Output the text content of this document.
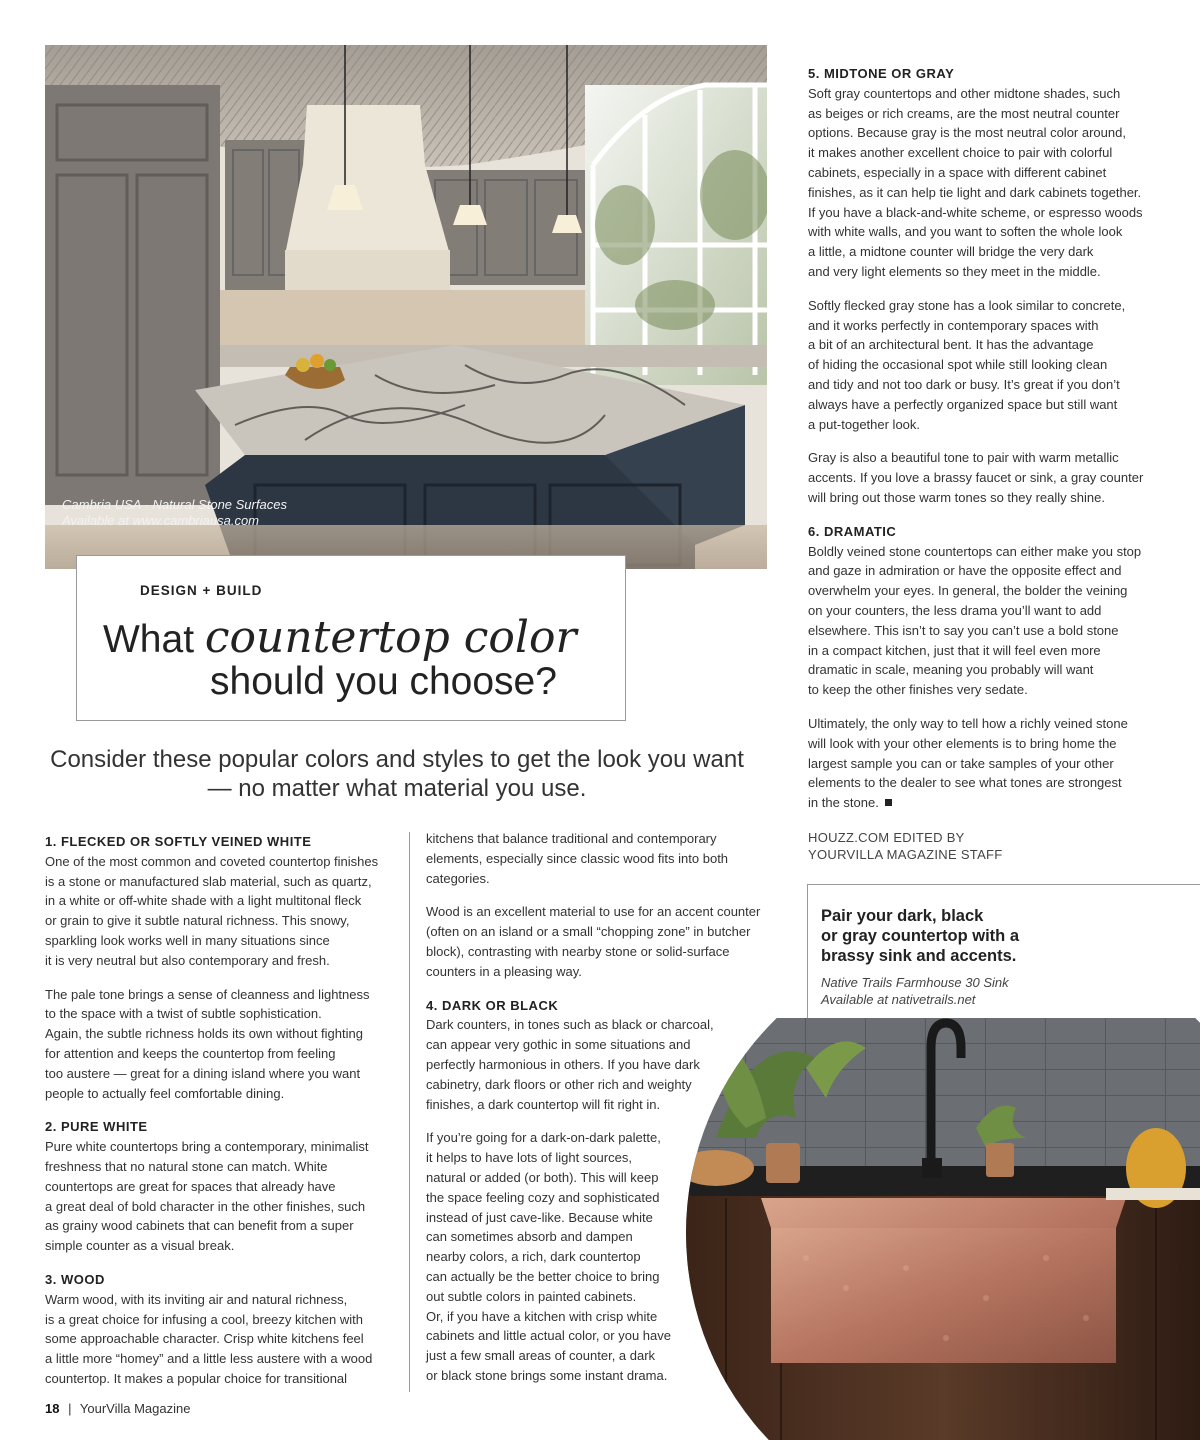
Cambria USA - Natural Stone Surfaces
Available at www.cambriausa.com
DESIGN + BUILD
What countertop color
should you choose?
Consider these popular colors and styles to get the look you want — no matter what material you use.
1. FLECKED OR SOFTLY VEINED WHITE

One of the most common and coveted countertop finishes
is a stone or manufactured slab material, such as quartz,
in a white or off-white shade with a light multitonal fleck
or grain to give it subtle natural richness. This snowy,
sparkling look works well in many situations since
it is very neutral but also contemporary and fresh.

The pale tone brings a sense of cleanness and lightness
to the space with a twist of subtle sophistication.
Again, the subtle richness holds its own without fighting
for attention and keeps the countertop from feeling
too austere — great for a dining island where you want
people to actually feel comfortable dining.

2. PURE WHITE

Pure white countertops bring a contemporary, minimalist
freshness that no natural stone can match. White
countertops are great for spaces that already have
a great deal of bold character in the other finishes, such
as grainy wood cabinets that can benefit from a super
simple counter as a visual break.

3. WOOD

Warm wood, with its inviting air and natural richness,
is a great choice for infusing a cool, breezy kitchen with
some approachable character. Crisp white kitchens feel
a little more “homey” and a little less austere with a wood
countertop. It makes a popular choice for transitional

kitchens that balance traditional and contemporary
elements, especially since classic wood fits into both
categories.

Wood is an excellent material to use for an accent counter
(often on an island or a small “chopping zone” in butcher
block), contrasting with nearby stone or solid-surface
counters in a pleasing way.

4. DARK OR BLACK

Dark counters, in tones such as black or charcoal,
can appear very gothic in some situations and
perfectly harmonious in others. If you have dark
cabinetry, dark floors or other rich and weighty
finishes, a dark countertop will fit right in.

If you’re going for a dark-on-dark palette,
it helps to have lots of light sources,
natural or added (or both). This will keep
the space feeling cozy and sophisticated
instead of just cave-like. Because white
can sometimes absorb and dampen
nearby colors, a rich, dark countertop
can actually be the better choice to bring
out subtle colors in painted cabinets.
Or, if you have a kitchen with crisp white
cabinets and little actual color, or you have
just a few small areas of counter, a dark
or black stone brings some instant drama.

5. MIDTONE OR GRAY

Soft gray countertops and other midtone shades, such
as beiges or rich creams, are the most neutral counter
options. Because gray is the most neutral color around,
it makes another excellent choice to pair with colorful
cabinets, especially in a space with different cabinet
finishes, as it can help tie light and dark cabinets together.
If you have a black-and-white scheme, or espresso woods
with white walls, and you want to soften the whole look
a little, a midtone counter will bridge the very dark
and very light elements so they meet in the middle.

Softly flecked gray stone has a look similar to concrete,
and it works perfectly in contemporary spaces with
a bit of an architectural bent. It has the advantage
of hiding the occasional spot while still looking clean
and tidy and not too dark or busy. It’s great if you don’t
always have a perfectly organized space but still want
a put-together look.

Gray is also a beautiful tone to pair with warm metallic
accents. If you love a brassy faucet or sink, a gray counter
will bring out those warm tones so they really shine.

6. DRAMATIC

Boldly veined stone countertops can either make you stop
and gaze in admiration or have the opposite effect and
overwhelm your eyes. In general, the bolder the veining
on your counters, the less drama you’ll want to add
elsewhere. This isn’t to say you can’t use a bold stone
in a compact kitchen, just that it will feel even more
dramatic in scale, meaning you probably will want
to keep the other finishes very sedate.

Ultimately, the only way to tell how a richly veined stone
will look with your other elements is to bring home the
largest sample you can or take samples of your other
elements to the dealer to see what tones are strongest
in the stone.

HOUZZ.COM EDITED BY
YOURVILLA MAGAZINE STAFF
Pair your dark, black
or gray countertop with a
brassy sink and accents.
Native Trails Farmhouse 30 Sink
Available at nativetrails.net
18 | YourVilla Magazine
